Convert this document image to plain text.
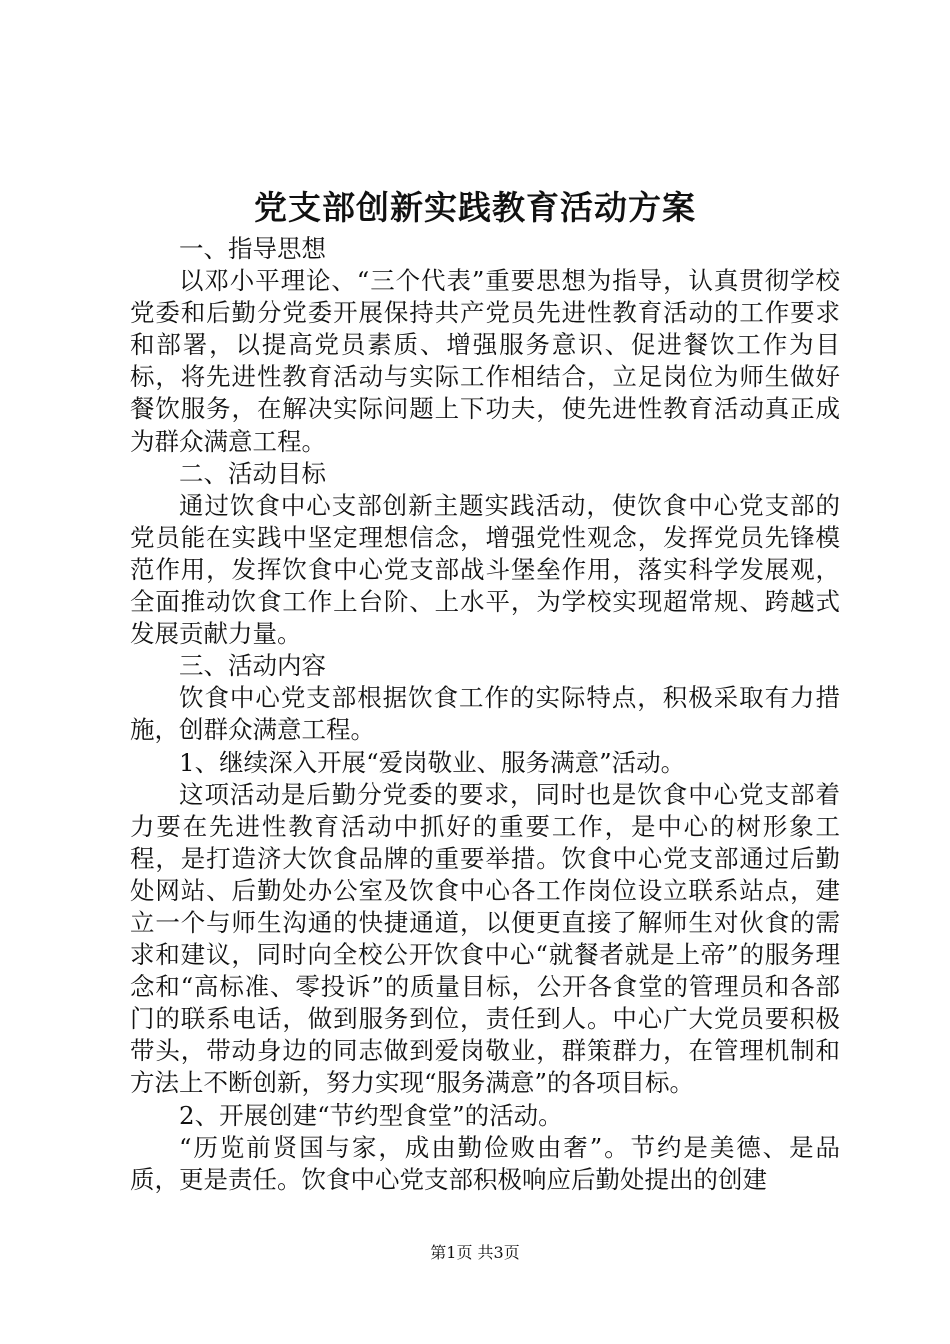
党支部创新实践教育活动方案

一、指导思想

以邓小平理论、“三个代表”重要思想为指导，认真贯彻学校党委和后勤分党委开展保持共产党员先进性教育活动的工作要求和部署，以提高党员素质、增强服务意识、促进餐饮工作为目标，将先进性教育活动与实际工作相结合，立足岗位为师生做好餐饮服务，在解决实际问题上下功夫，使先进性教育活动真正成为群众满意工程。

二、活动目标

通过饮食中心支部创新主题实践活动，使饮食中心党支部的党员能在实践中坚定理想信念，增强党性观念，发挥党员先锋模范作用，发挥饮食中心党支部战斗堡垒作用，落实科学发展观，全面推动饮食工作上台阶、上水平，为学校实现超常规、跨越式发展贡献力量。

三、活动内容

饮食中心党支部根据饮食工作的实际特点，积极采取有力措施，创群众满意工程。

1、继续深入开展“爱岗敬业、服务满意”活动。

这项活动是后勤分党委的要求，同时也是饮食中心党支部着力要在先进性教育活动中抓好的重要工作，是中心的树形象工程，是打造济大饮食品牌的重要举措。饮食中心党支部通过后勤处网站、后勤处办公室及饮食中心各工作岗位设立联系站点，建立一个与师生沟通的快捷通道，以便更直接了解师生对伙食的需求和建议，同时向全校公开饮食中心“就餐者就是上帝”的服务理念和“高标准、零投诉”的质量目标，公开各食堂的管理员和各部门的联系电话，做到服务到位，责任到人。中心广大党员要积极带头，带动身边的同志做到爱岗敬业，群策群力，在管理机制和方法上不断创新，努力实现“服务满意”的各项目标。

2、开展创建“节约型食堂”的活动。

“历览前贤国与家，成由勤俭败由奢”。节约是美德、是品质，更是责任。饮食中心党支部积极响应后勤处提出的创建

第1页 共3页
